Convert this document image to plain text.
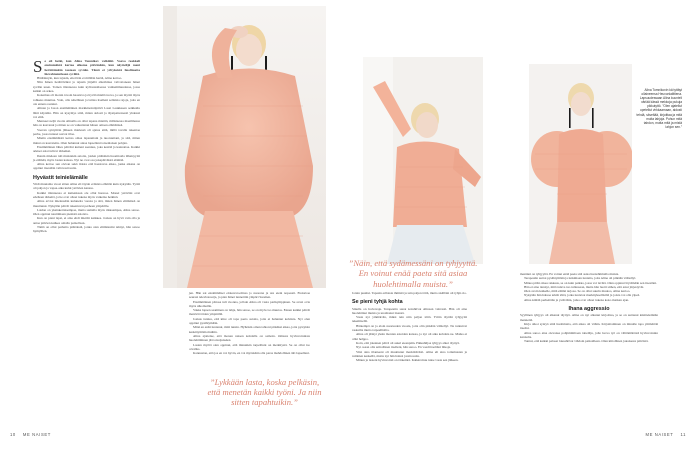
Se oli hetki, kun Alina Tomnikov valkähti. Vaava reakkeli ensimmäistä kertaa alkoma päivänään, kun näyttelijä meni herättämään taataan syvään. Tämä ei yrityksistä huolimatta hievahtanutkaan syvältä.

Hätäännyin, kun tajusin, ettei hän ei millään herää, Alina kertoo.

Niin hänen herättäväksi ja tajusin järjellä alkoihinsa valvottaneen hänet syvään unen. Toinen tilanteessa kuin kyllosiaalisessa vanhemmuudessa, jossa kaikki on arkea.

Kokemus oli monin tavoin haastava ja hyvää mieltä tuova, ja sen myötä myös rohkeus muuttua. Voin, olla rehellinen ja laittaa itselleni sellaisia rajoja, joita en ole ennen osannut.

Alinan ja Jason ensimmäinen markkinointipäivä Lassi Laukkasen seikkailu lähti käyntiin. Hän on kysymys siitä, miten aidosti ja täysipainoisesti yhdessä voi elää.

Menneet neljä vuotta Alinalla on ollut tapana miettiä, millaisessa maailmassa hän on kasvanut ja miten se on vaikuttanut hänen omaan elämäänsä.

Vaavan syntymän jälkeen mielessä oli ajatus siitä, millä tavalla rakentaa perhe, jossa tunteet saavat tilaa.

Mietin ensimmäistä kertaa omaa lapsuuttani ja nuoruuttani, ja sitä, miten minut on kasvatettu. Olen halunnut antaa lapselleni toisenlaisen pohjan.

Ensimmäinen lähes päiväni kuiteni asennus, joka kestää ja kannattaa. Kaikki arkiset asiat tulivat tärkeiksi.

Ihanin mieleen tuli muistakin asioita, joiden pitäisikin huomioida läheisyyttä ja elämää, myös lasten kanssa. Nyt ne ovat osa jokapäiväistä elämää.

Alina kertoo sen olevan sekä iloista että haastavaa aikaa, jonka aikana on oppinut itsestään valtavasti uutta.

Hyvästit teinielämälle

Viidi muutama vuosi sitten Alina eli täysin erilaista elämää kuin nykyään. Työtä oli paljon ja vapaa-aika kului ystävien kanssa.

Kaikki tilanteessa ei kuitenkaan ole ollut huonoa. Monet ystäväni ovat edelleen tärkeitä, ja he ovat olleet tukena myös vaikeina hetkinä.

Alina arvioi mielessään kuluneita vuosia ja sitä, miten hänen elämänsä on muuttunut. Nykyään päivät rakentuvat perheen ympärille.

Laidan on yksinkertaisempaa, mutta samalla myös rikkaampaa, Alina sanoo. Olen oppinut nauttimaan pienistä asioista.

Kun on pieni lapsi, ei aina ehdi miettiä kaikkea. Joskus on hyvä vain olla ja antaa päivien kulkea omalla painollaan.

Tämä on ollut parhaita päätöksiä, jonka olen elämässäni tehnyt, hän sanoo hymyillen.

jen. Hän sai ensimmäiset elokuvaroolinsa jo nuorena ja ura eteni nopeasti. Elokuvaa seurasi televisiosarja, ja pian hänet tunnettiin ympäri Suomen.

Ensimmäinen pääosa tuli vuonna, jolloin Alina oli vasta parikymppinen. Se avasi ovia myös ulkomaille.

Vakka lapsen saaminen on lahja, hän sanoo, se on myös iso muutos. Ennen kaikki päivät menivät töiden ympärillä.

Joskus tuntuu, että kiire oli tapa paeta asioita, joita ei halunnut kohdata. Nyt olen oppinut pysähtymään.

Minä en enää tuntenut, mitä tunsin. Hylkäsin oman tahtoni pitkäksi aikaa, jotta pystyisin keskittymään muihin.

Alina ajattelee, että monen naisen kohdalla on samoin. Omasta hyvinvoinnista huolehtiminen jää toissijaiseksi.

Lasten myötä olen oppinut, että minunkin tarpeillani on merkitystä. Se on ollut iso oivallus.

Kannustan, että jos en voi hyvin, en voi myöskään olla paras mahdollinen äiti lapselleni.

”Lykkään lasta, koska pelkäsin, että menetän kaikki työni. Ja niin sitten tapahtuikin.”
10 ME NAISET
Alina Tomnikovin kä tyttäyt ollaineensa Heuvonlaiittiena. Lapsuudessaan Alina kuunteli väriää kässä mekkoja pukuja pikkutyttö. ”Olen ajatellut opetellut virkkaamaan, aidosti tehdä, säveltää, kirjoittaa ja mitä muita lahjoja. Puhun mitä tahdon, mutta mitä ja mistä lahjon sen.”

Jotain puuttui. Tapasin erilaisia ihmisiä ja tein paljon töitä, mutta sisälläni oli tyhjä olo.

Se pieni tyhjä kohta

Sinulla on hoivavaje. Terapeutin sanat kolahtivat Alinaan vahvasti. Hän oli aina huolehtinut muista ja unohtanut itsensä.

Vasta nyt ymmärrän, miksi tein niin paljon töitä. Yritin täyttää tyhjyyttä tekemisellä.

Häntempä on ja aloin nuoruuden vuosia, joita olin pitkään välttellyt. Ne tuntuivat raskailta mutta tarpeellisilta.

Alina oli jäänyt yksin monien asioiden kanssa, ja nyt oli aika kohdata ne. Matka ei ollut helppo.

Koin, että jokainen päivä oli askel eteenpäin. Pikkuhiljaa tyhjyys alkoi täyttyä.

Nyt osaan olla armollinen itselleni, hän sanoo. En vaadi itseltäni liikoja.

Viisi aina tilanteeni oli muuttunut merkittävästi. Alina eli aina tottumusten ja rutiinien keskellä, mutta nyt hän halusi jotain uutta.

Minun ja lasteni hyvinvointi on tärkeintä. Kaikki muu tulee vasta sen jälkeen.

”Näin, että sydämessäni on tyhjyyttä. En voinut enää paeta sitä asiaa huolehtimalla muista.”

mesänni on tyhjyyttä. En voinut enää paeta sitä asiaa huolehtimalla muista.

Terapeutin auttoi pysähtymään ja tutkimaan tunteita, joita Alina oli pitkään välttellyt.

Minua pitää oikea rakkaus, se on kuin paikka, jossa voi levätä. Olen oppinut löytämään sen itsestäni.

Hän ei aina tiennyt, mitä tuleva tuo tullessaan, mutta hän luotti siihen, että asiat järjestyvät.

Olen avoin kaikelle, mitä elämä tarjoaa. Se on ollut suurin muutos, Alina kertoo.

Nykyään hän haluaa tehdä töitä, jotka tuntuvat merkityksellisiltä ja joista voi olla ylpeä.

Alina kiittää perhettään ja ystäviään, jotka ovat olleet tukena koko matkan ajan.

Ihana aggressio

Syyllinen tyhjyys oli alkanut täyttyä. Alina on nyt alkanut kirjoittaa, ja se on auttanut käsittelemään menneitä.

Kirja alkoi syntyä siitä huolimatta, että aikaa oli vähän. Kirjoittaminen on minulle tapa ymmärtää itseäni.

Alina sanoo aina olevansa pohjimmiltaan taiteilija, jolle luova työ on välttämätöntä hyvinvoinnin kannalta.

Tuntui, että kaikki palaset loksahtivat vihdoin paikoilleen. Olen kiitollinen jokaisesta päivästä.

ME NAISET 11
